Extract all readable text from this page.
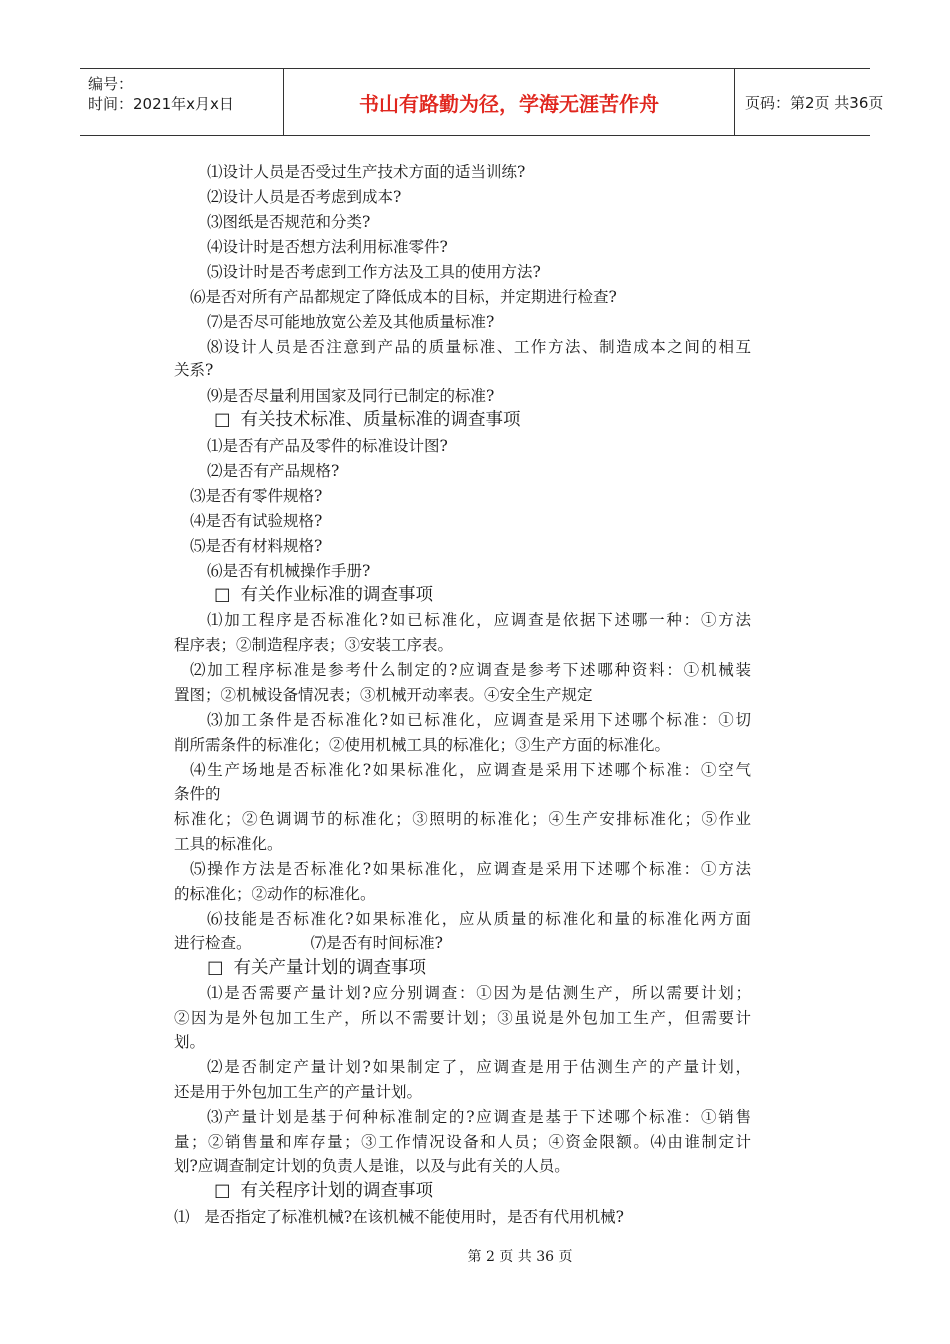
编号：
时间：2021年x月x日	书山有路勤为径，学海无涯苦作舟	页码：第2页 共36页
⑴设计人员是否受过生产技术方面的适当训练?
⑵设计人员是否考虑到成本?
⑶图纸是否规范和分类?
⑷设计时是否想方法利用标准零件?
⑸设计时是否考虑到工作方法及工具的使用方法?
⑹是否对所有产品都规定了降低成本的目标，并定期进行检查?
⑺是否尽可能地放宽公差及其他质量标准?
⑻设计人员是否注意到产品的质量标准、工作方法、制造成本之间的相互
关系?
⑼是否尽量利用国家及同行已制定的标准?
□ 有关技术标准、质量标准的调查事项
⑴是否有产品及零件的标准设计图?
⑵是否有产品规格?
⑶是否有零件规格?
⑷是否有试验规格?
⑸是否有材料规格?
⑹是否有机械操作手册?
□ 有关作业标准的调查事项
⑴加工程序是否标准化?如已标准化，应调查是依据下述哪一种：①方法
程序表；②制造程序表；③安装工序表。
⑵加工程序标准是参考什么制定的?应调查是参考下述哪种资料：①机械装
置图；②机械设备情况表；③机械开动率表。④安全生产规定
⑶加工条件是否标准化?如已标准化，应调查是采用下述哪个标准：①切
削所需条件的标准化；②使用机械工具的标准化；③生产方面的标准化。
⑷生产场地是否标准化?如果标准化，应调查是采用下述哪个标准：①空气
条件的
标准化；②色调调节的标准化；③照明的标准化；④生产安排标准化；⑤作业
工具的标准化。
⑸操作方法是否标准化?如果标准化，应调查是采用下述哪个标准：①方法
的标准化；②动作的标准化。
⑹技能是否标准化?如果标准化，应从质量的标准化和量的标准化两方面
进行检查。            ⑺是否有时间标准?
□ 有关产量计划的调查事项
⑴是否需要产量计划?应分别调查：①因为是估测生产，所以需要计划；
②因为是外包加工生产，所以不需要计划；③虽说是外包加工生产，但需要计
划。
⑵是否制定产量计划?如果制定了，应调查是用于估测生产的产量计划，
还是用于外包加工生产的产量计划。
⑶产量计划是基于何种标准制定的?应调查是基于下述哪个标准：①销售
量；②销售量和库存量；③工作情况设备和人员；④资金限额。⑷由谁制定计
划?应调查制定计划的负责人是谁，以及与此有关的人员。
□ 有关程序计划的调查事项
⑴   是否指定了标准机械?在该机械不能使用时，是否有代用机械?
第 2 页 共 36 页
